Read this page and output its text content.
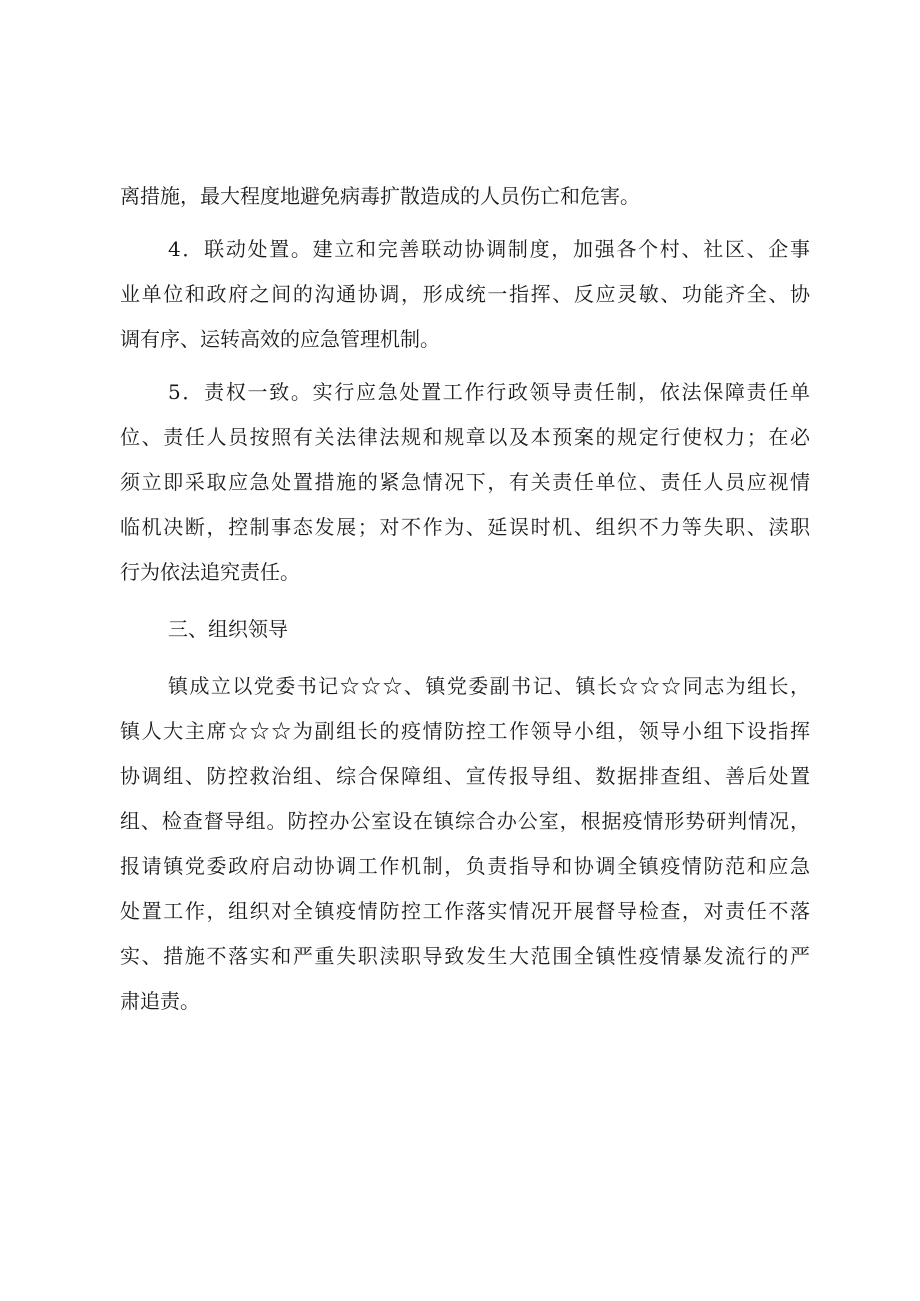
离措施，最大程度地避免病毒扩散造成的人员伤亡和危害。
4．联动处置。建立和完善联动协调制度，加强各个村、社区、企事
业单位和政府之间的沟通协调，形成统一指挥、反应灵敏、功能齐全、协
调有序、运转高效的应急管理机制。
5．责权一致。实行应急处置工作行政领导责任制，依法保障责任单
位、责任人员按照有关法律法规和规章以及本预案的规定行使权力；在必
须立即采取应急处置措施的紧急情况下，有关责任单位、责任人员应视情
临机决断，控制事态发展；对不作为、延误时机、组织不力等失职、渎职
行为依法追究责任。
三、组织领导
镇成立以党委书记☆☆☆、镇党委副书记、镇长☆☆☆同志为组长，
镇人大主席☆☆☆为副组长的疫情防控工作领导小组，领导小组下设指挥
协调组、防控救治组、综合保障组、宣传报导组、数据排查组、善后处置
组、检查督导组。防控办公室设在镇综合办公室，根据疫情形势研判情况，
报请镇党委政府启动协调工作机制，负责指导和协调全镇疫情防范和应急
处置工作，组织对全镇疫情防控工作落实情况开展督导检查，对责任不落
实、措施不落实和严重失职渎职导致发生大范围全镇性疫情暴发流行的严
肃追责。
